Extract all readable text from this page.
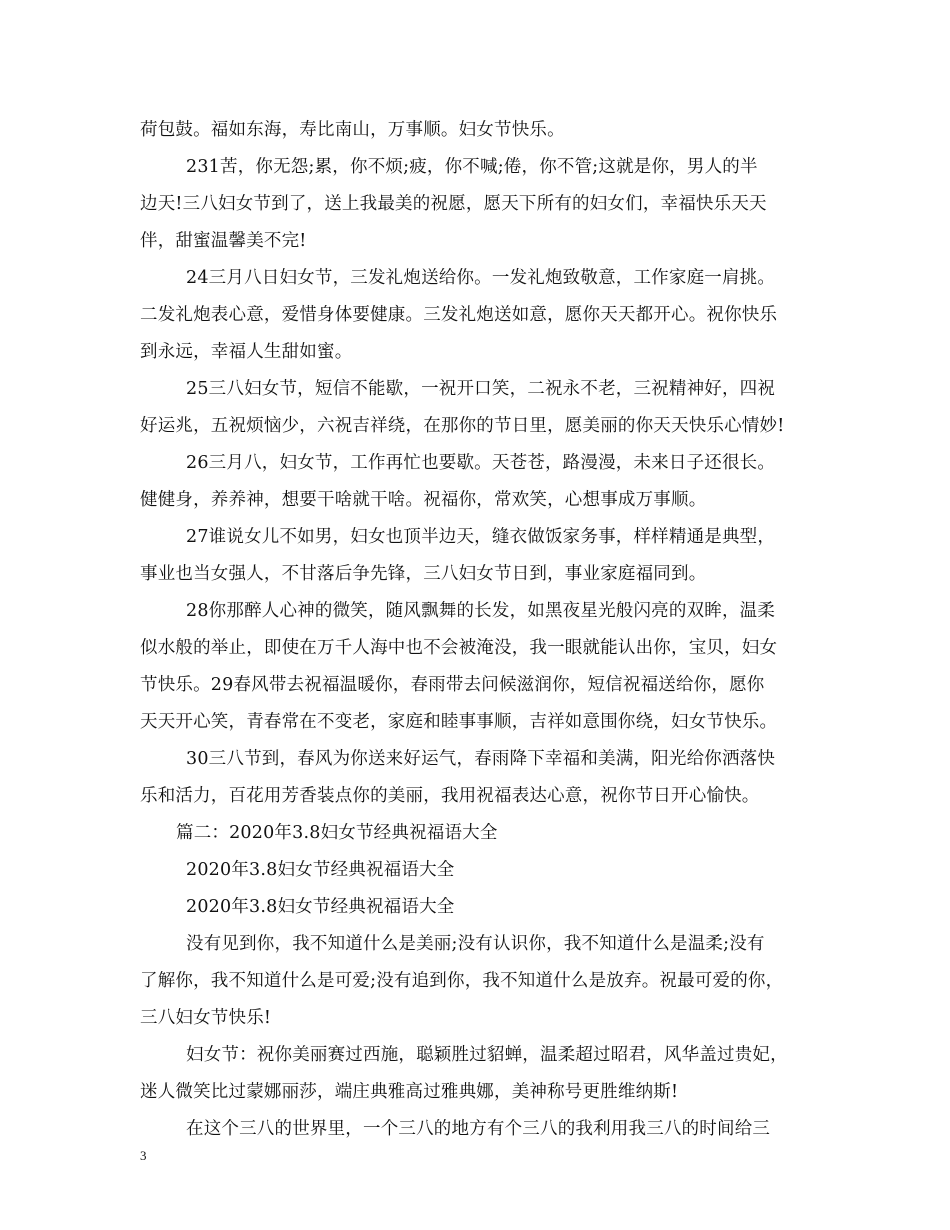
荷包鼓。福如东海，寿比南山，万事顺。妇女节快乐。
231苦，你无怨;累，你不烦;疲，你不喊;倦，你不管;这就是你，男人的半
边天!三八妇女节到了，送上我最美的祝愿，愿天下所有的妇女们，幸福快乐天天
伴，甜蜜温馨美不完!
24三月八日妇女节，三发礼炮送给你。一发礼炮致敬意，工作家庭一肩挑。
二发礼炮表心意，爱惜身体要健康。三发礼炮送如意，愿你天天都开心。祝你快乐
到永远，幸福人生甜如蜜。
25三八妇女节，短信不能歇，一祝开口笑，二祝永不老，三祝精神好，四祝
好运兆，五祝烦恼少，六祝吉祥绕，在那你的节日里，愿美丽的你天天快乐心情妙!
26三月八，妇女节，工作再忙也要歇。天苍苍，路漫漫，未来日子还很长。
健健身，养养神，想要干啥就干啥。祝福你，常欢笑，心想事成万事顺。
27谁说女儿不如男，妇女也顶半边天，缝衣做饭家务事，样样精通是典型，
事业也当女强人，不甘落后争先锋，三八妇女节日到，事业家庭福同到。
28你那醉人心神的微笑，随风飘舞的长发，如黑夜星光般闪亮的双眸，温柔
似水般的举止，即使在万千人海中也不会被淹没，我一眼就能认出你，宝贝，妇女
节快乐。29春风带去祝福温暖你，春雨带去问候滋润你，短信祝福送给你，愿你
天天开心笑，青春常在不变老，家庭和睦事事顺，吉祥如意围你绕，妇女节快乐。
30三八节到，春风为你送来好运气，春雨降下幸福和美满，阳光给你洒落快
乐和活力，百花用芳香装点你的美丽，我用祝福表达心意，祝你节日开心愉快。
篇二：2020年3.8妇女节经典祝福语大全
2020年3.8妇女节经典祝福语大全
2020年3.8妇女节经典祝福语大全
没有见到你，我不知道什么是美丽;没有认识你，我不知道什么是温柔;没有
了解你，我不知道什么是可爱;没有追到你，我不知道什么是放弃。祝最可爱的你，
三八妇女节快乐!
妇女节：祝你美丽赛过西施，聪颖胜过貂蝉，温柔超过昭君，风华盖过贵妃，
迷人微笑比过蒙娜丽莎，端庄典雅高过雅典娜，美神称号更胜维纳斯!
在这个三八的世界里，一个三八的地方有个三八的我利用我三八的时间给三
3
